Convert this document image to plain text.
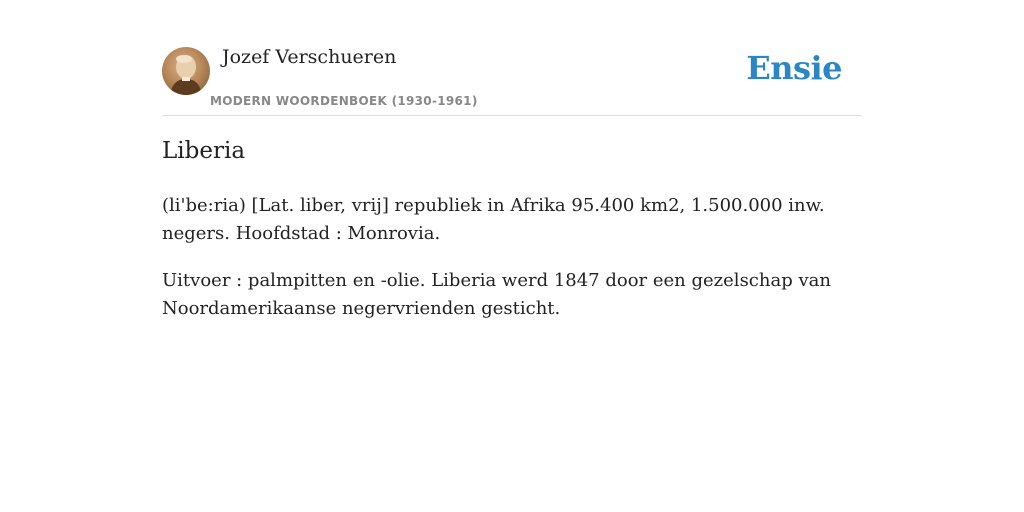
Jozef Verschueren
MODERN WOORDENBOEK (1930-1961)
Ensie
Liberia

(li'be:ria) [Lat. liber, vrij] republiek in Afrika 95.400 km2, 1.500.000 inw. negers. Hoofdstad : Monrovia.

Uitvoer : palmpitten en -olie. Liberia werd 1847 door een gezelschap van Noordamerikaanse negervrienden gesticht.
